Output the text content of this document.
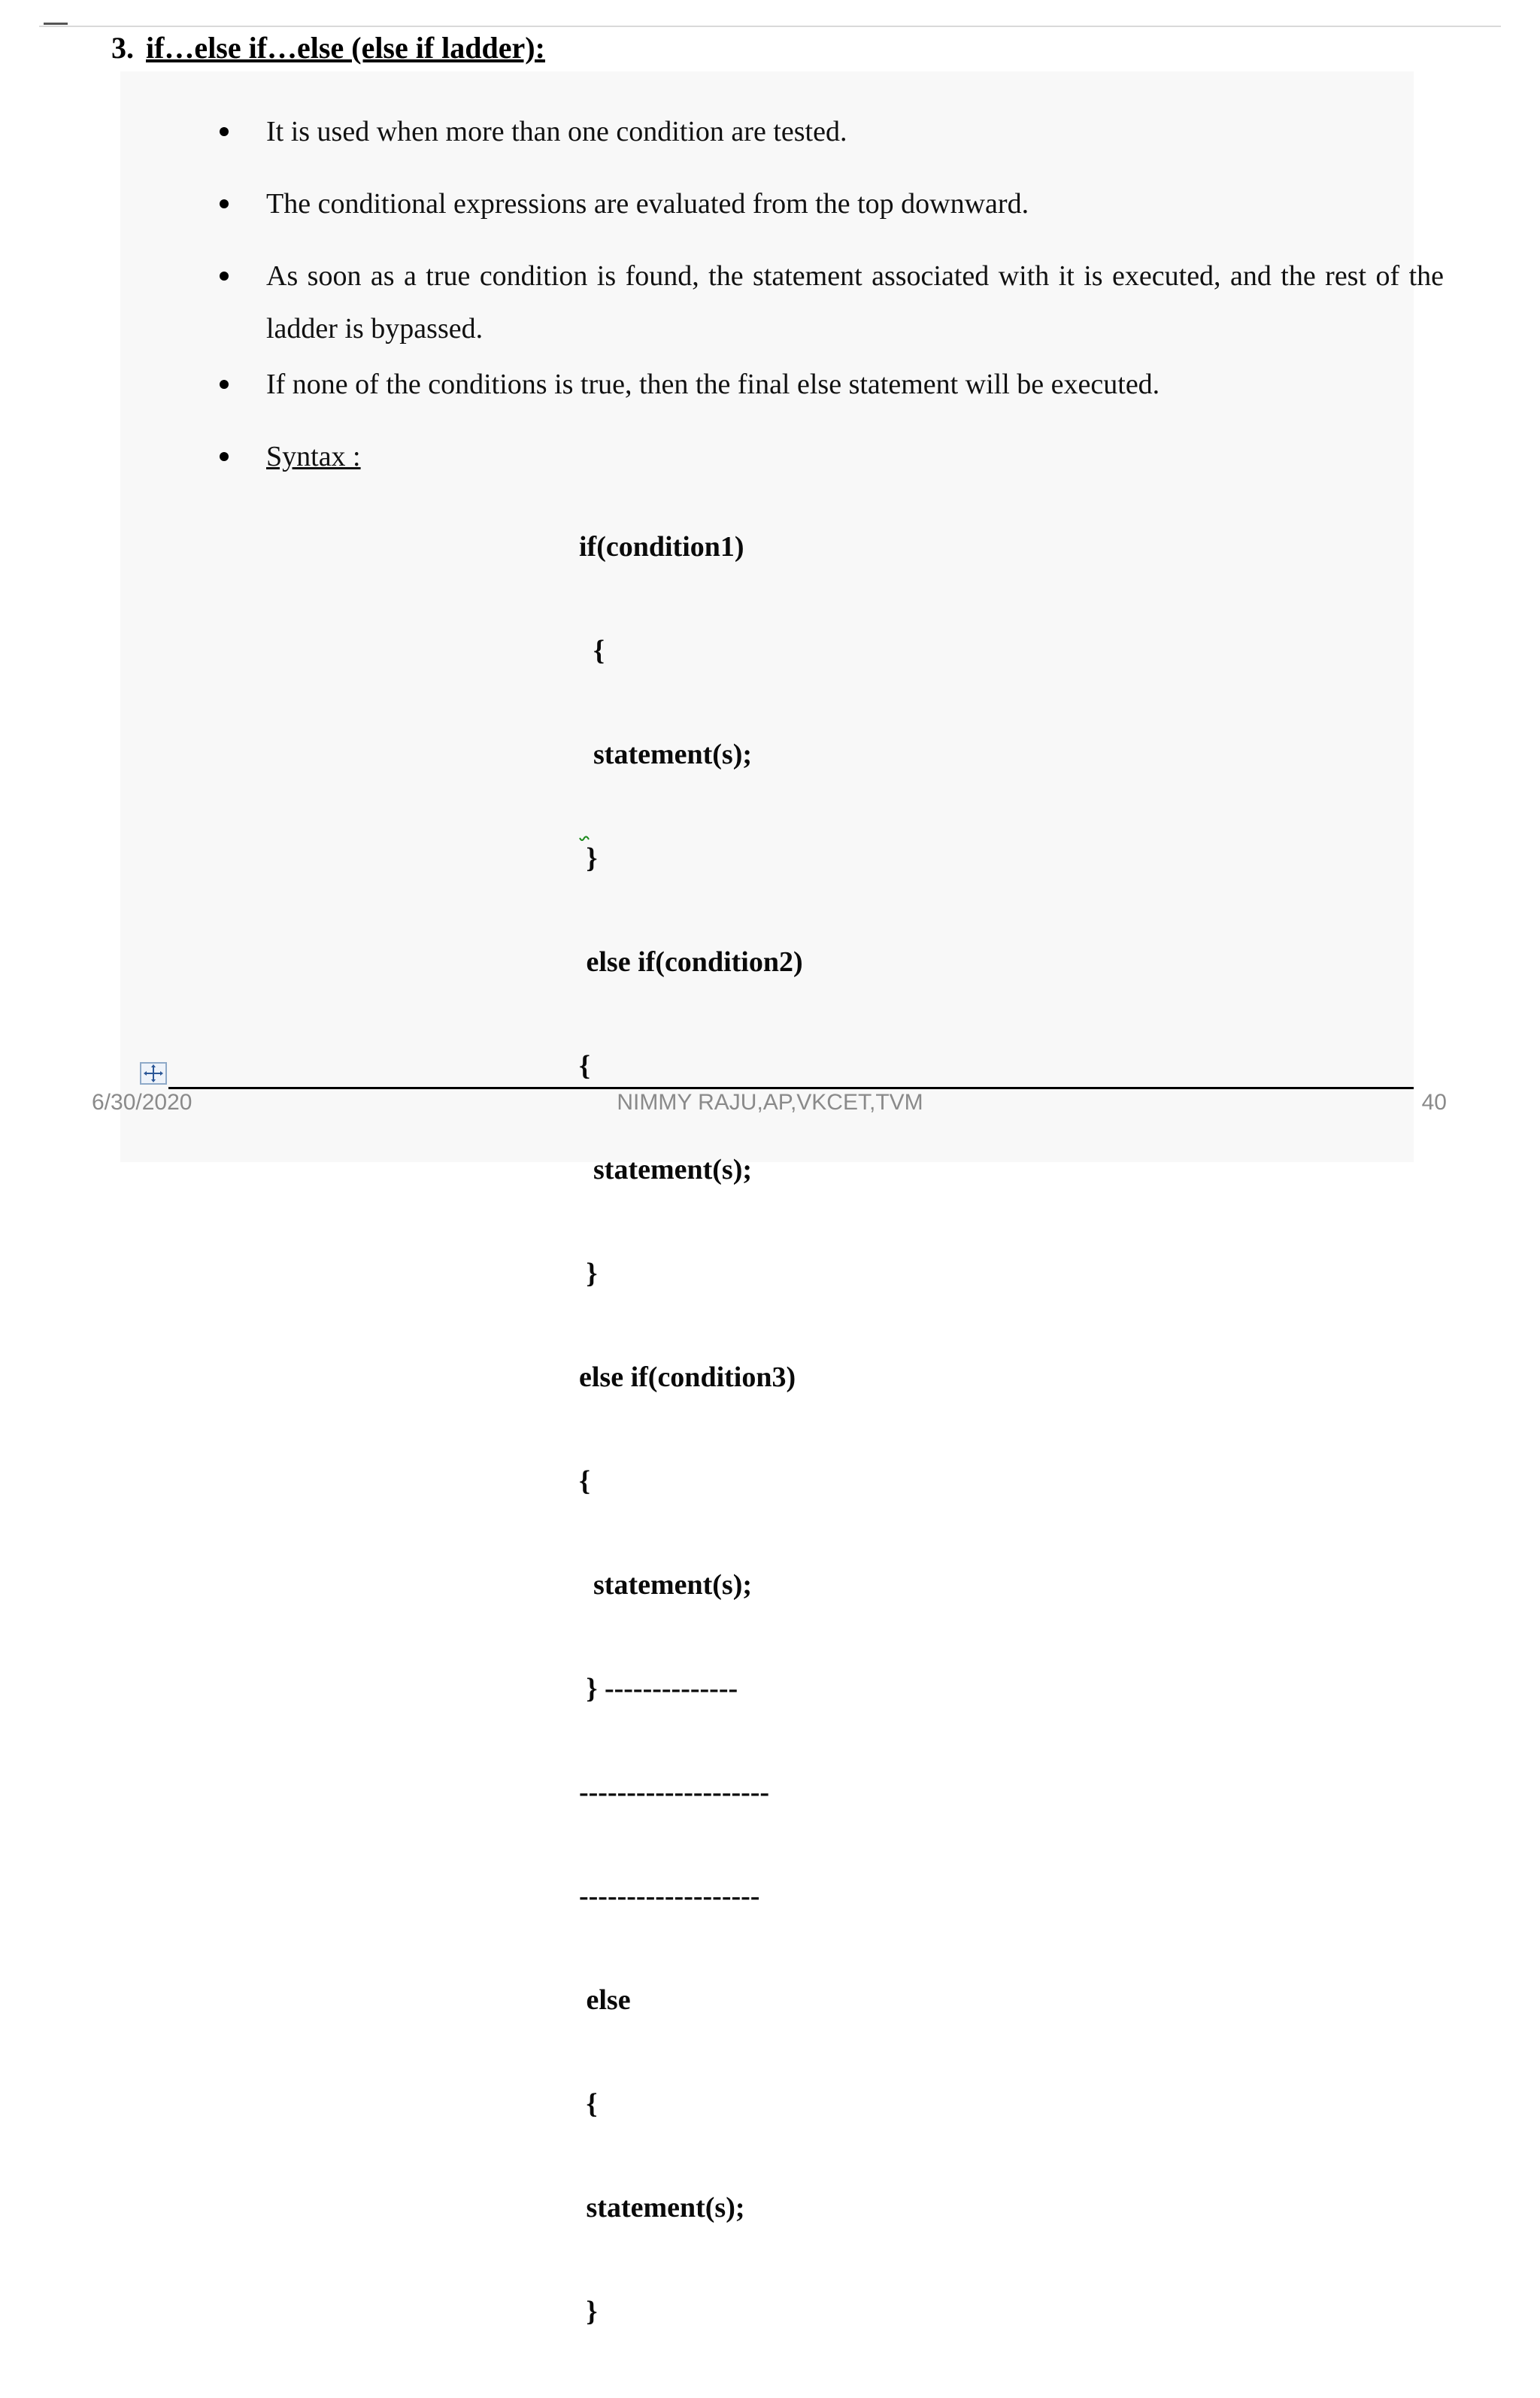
3. if…else if…else (else if ladder):
It is used when more than one condition are tested.
The conditional expressions are evaluated from the top downward.
As soon as a true condition is found, the statement associated with it is executed, and the rest of the ladder is bypassed.
If none of the conditions is true, then the final else statement will be executed.
Syntax :

if(condition1)

{

statement(s);

}

else if(condition2)

{

statement(s);

}

else if(condition3)

{

statement(s);

} --------------

--------------------

-------------------

else

{

statement(s);

}

6/30/2020	NIMMY RAJU,AP,VKCET,TVM	40
